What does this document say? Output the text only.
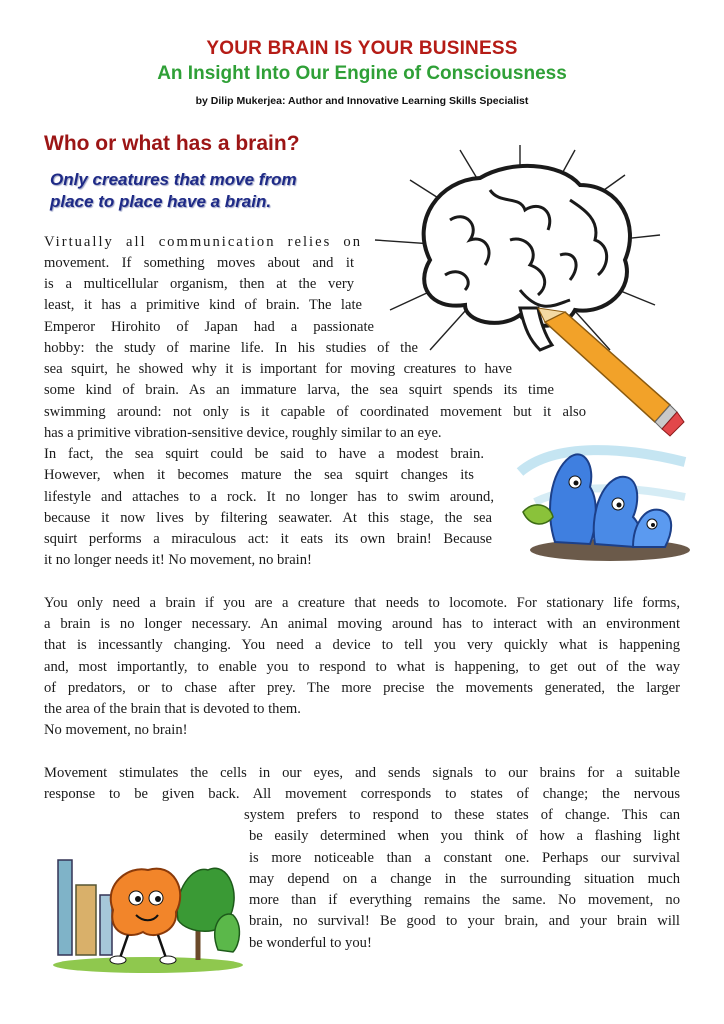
YOUR BRAIN IS YOUR BUSINESS
An Insight Into Our Engine of Consciousness
by Dilip Mukerjea: Author and Innovative Learning Skills Specialist
Who or what has a brain?
Only creatures that move from
place to place have a brain.
Virtually all communication relies on
movement. If something moves about and it
is a multicellular organism, then at the very
least, it has a primitive kind of brain. The late
Emperor Hirohito of Japan had a passionate
hobby: the study of marine life. In his studies of the
sea squirt, he showed why it is important for moving creatures to have
some kind of brain. As an immature larva, the sea squirt spends its time
swimming around: not only is it capable of coordinated movement but it also
has a primitive vibration-sensitive device, roughly similar to an eye.
In fact, the sea squirt could be said to have a modest brain.
However, when it becomes mature the sea squirt changes its
lifestyle and attaches to a rock. It no longer has to swim around,
because it now lives by filtering seawater. At this stage, the sea
squirt performs a miraculous act: it eats its own brain! Because
it no longer needs it! No movement, no brain!
You only need a brain if you are a creature that needs to locomote. For stationary life forms,
a brain is no longer necessary. An animal moving around has to interact with an environment
that is incessantly changing. You need a device to tell you very quickly what is happening
and, most importantly, to enable you to respond to what is happening, to get out of the way
of predators, or to chase after prey. The more precise the movements generated, the larger
the area of the brain that is devoted to them.
No movement, no brain!
Movement stimulates the cells in our eyes, and sends signals to our brains for a suitable
response to be given back. All movement corresponds to states of change; the nervous
system prefers to respond to these states of change. This can
be easily determined when you think of how a flashing light
is more noticeable than a constant one. Perhaps our survival
may depend on a change in the surrounding situation much
more than if everything remains the same. No movement, no
brain, no survival! Be good to your brain, and your brain will
be wonderful to you!
